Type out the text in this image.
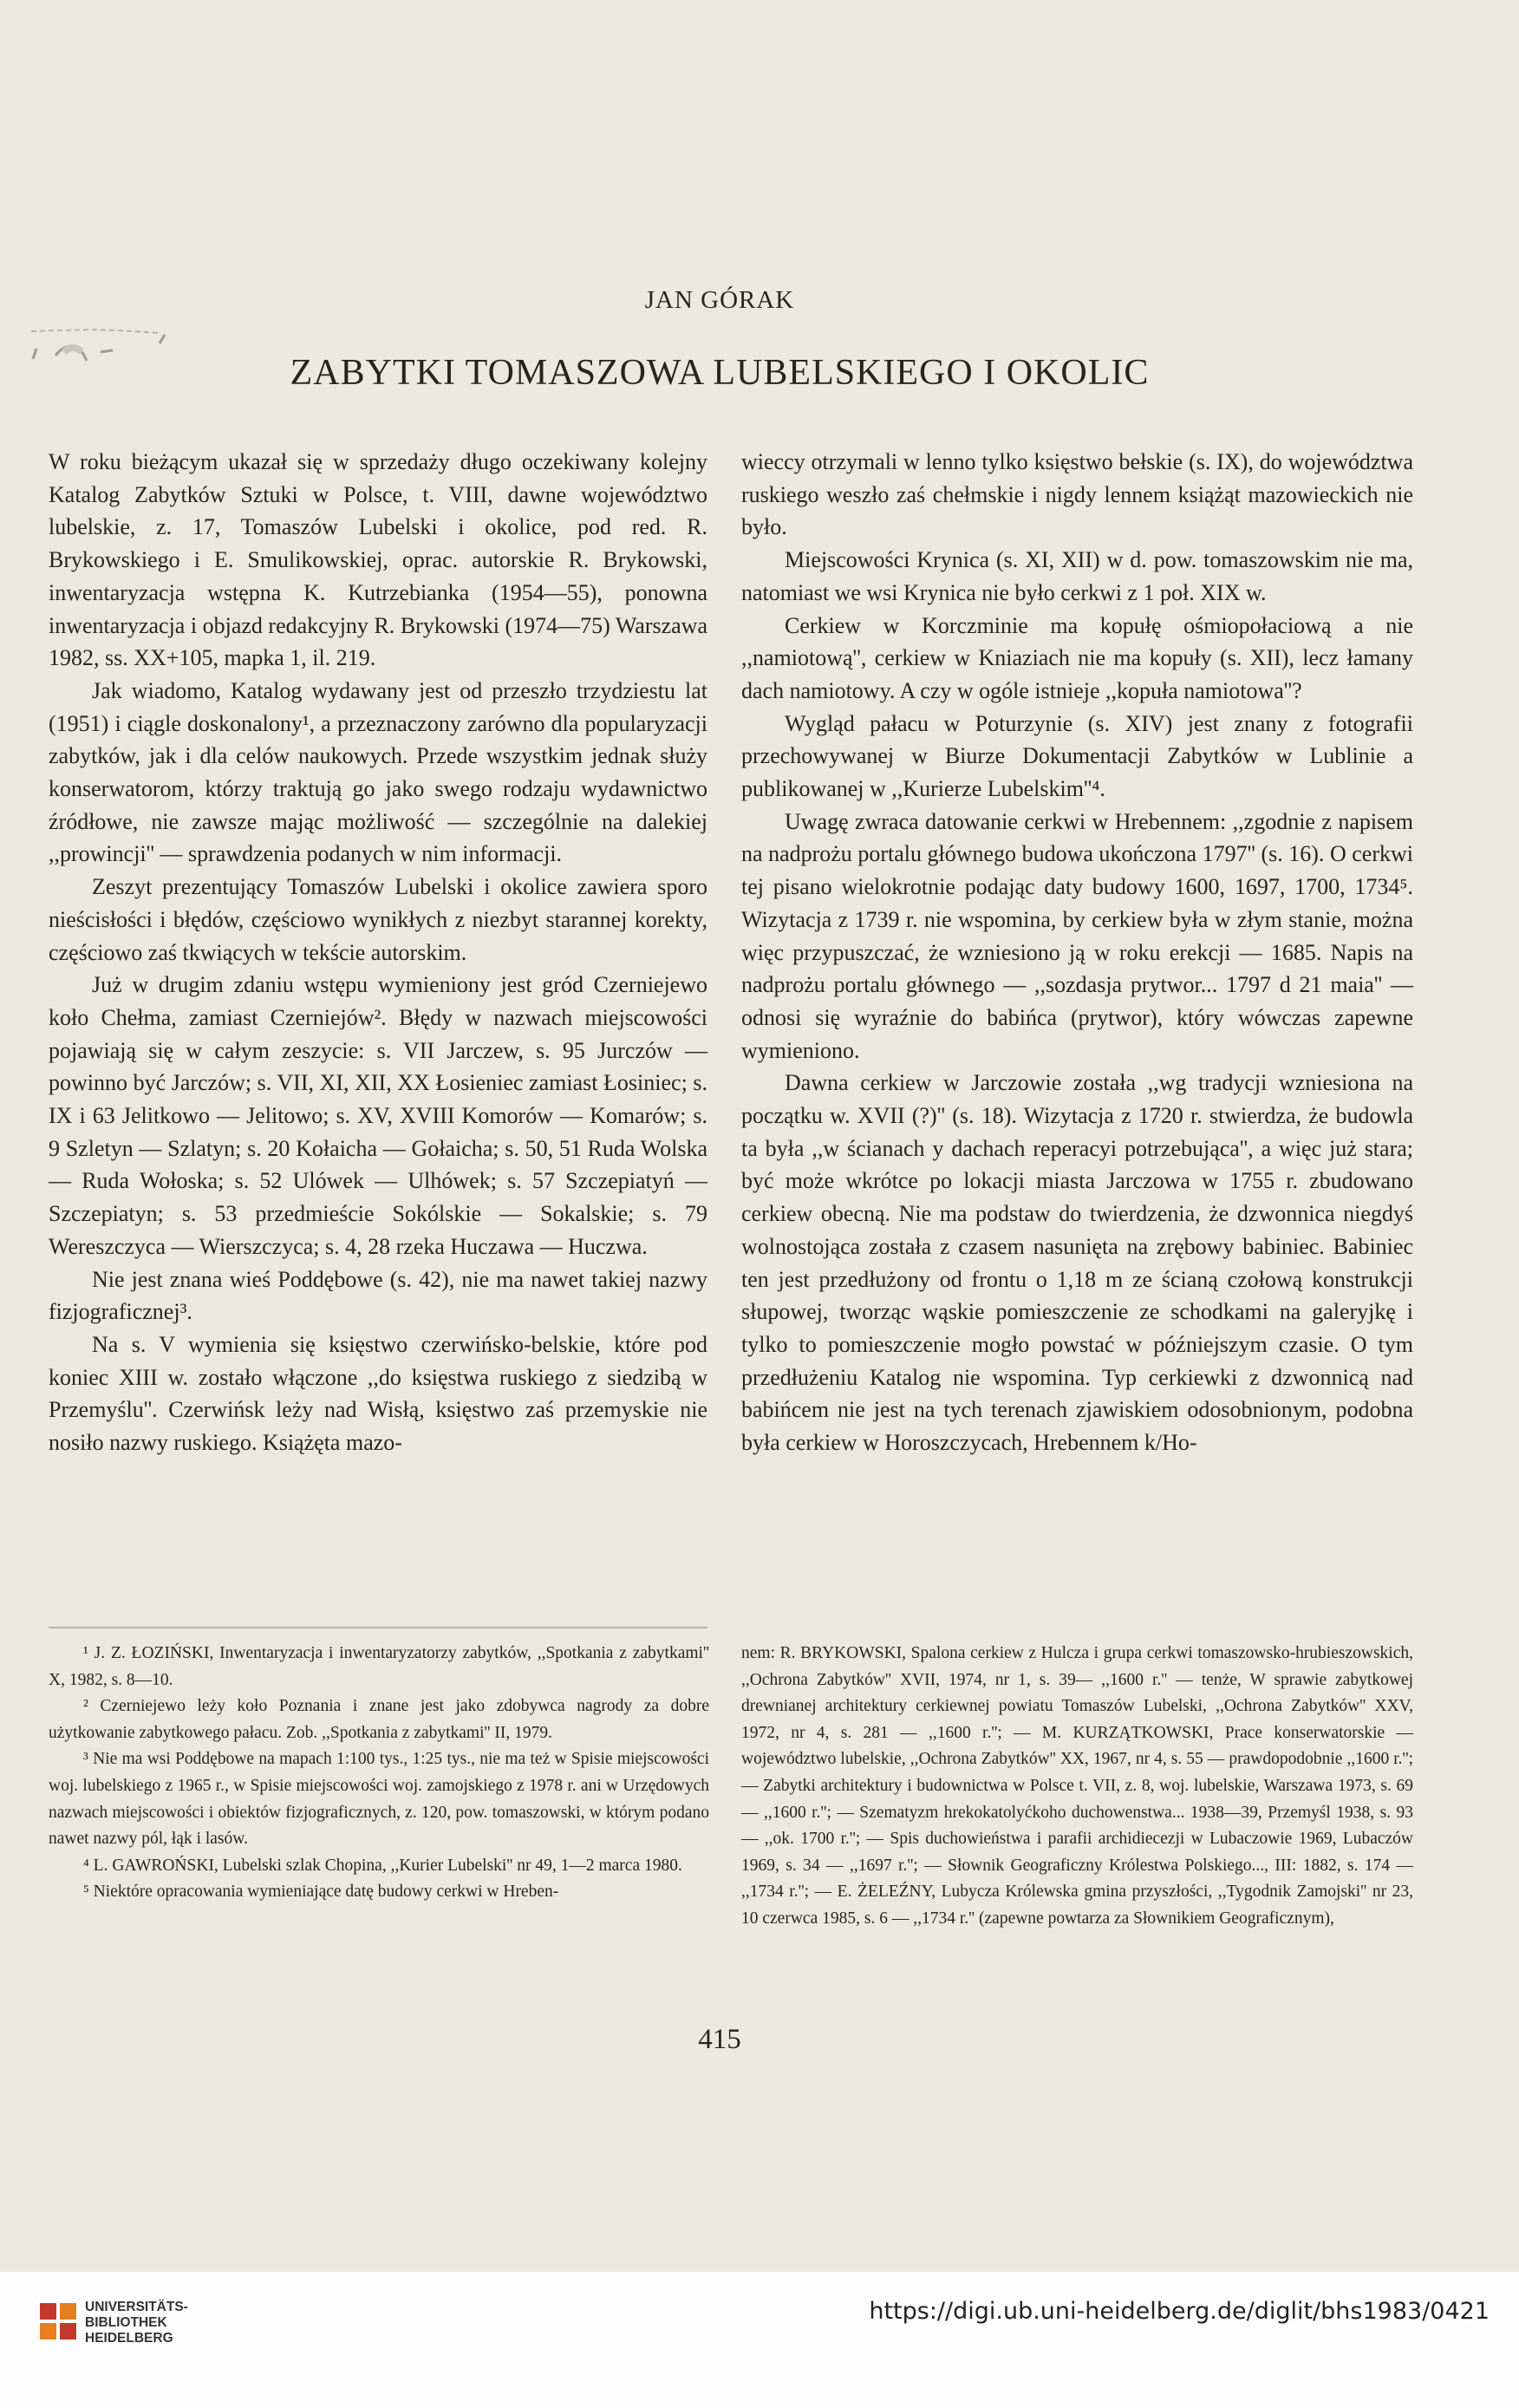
JAN GÓRAK
ZABYTKI TOMASZOWA LUBELSKIEGO I OKOLIC

W roku bieżącym ukazał się w sprzedaży długo oczekiwany kolejny Katalog Zabytków Sztuki w Polsce, t. VIII, dawne województwo lubelskie, z. 17, Tomaszów Lubelski i okolice, pod red. R. Brykowskiego i E. Smulikowskiej, oprac. autorskie R. Brykowski, inwentaryzacja wstępna K. Kutrzebianka (1954—55), ponowna inwentaryzacja i objazd redakcyjny R. Brykowski (1974—75) Warszawa 1982, ss. XX+105, mapka 1, il. 219.

Jak wiadomo, Katalog wydawany jest od przeszło trzydziestu lat (1951) i ciągle doskonalony¹, a przeznaczony zarówno dla popularyzacji zabytków, jak i dla celów naukowych. Przede wszystkim jednak służy konserwatorom, którzy traktują go jako swego rodzaju wydawnictwo źródłowe, nie zawsze mając możliwość — szczególnie na dalekiej ,,prowincji'' — sprawdzenia podanych w nim informacji.

Zeszyt prezentujący Tomaszów Lubelski i okolice zawiera sporo nieścisłości i błędów, częściowo wynikłych z niezbyt starannej korekty, częściowo zaś tkwiących w tekście autorskim.

Już w drugim zdaniu wstępu wymieniony jest gród Czerniejewo koło Chełma, zamiast Czerniejów². Błędy w nazwach miejscowości pojawiają się w całym zeszycie: s. VII Jarczew, s. 95 Jurczów — powinno być Jarczów; s. VII, XI, XII, XX Łosieniec zamiast Łosiniec; s. IX i 63 Jelitkowo — Jelitowo; s. XV, XVIII Komorów — Komarów; s. 9 Szletyn — Szlatyn; s. 20 Kołaicha — Gołaicha; s. 50, 51 Ruda Wolska — Ruda Wołoska; s. 52 Ulówek — Ulhówek; s. 57 Szczepiatyń — Szczepiatyn; s. 53 przedmieście Sokólskie — Sokalskie; s. 79 Wereszczyca — Wierszczyca; s. 4, 28 rzeka Huczawa — Huczwa.

Nie jest znana wieś Poddębowe (s. 42), nie ma nawet takiej nazwy fizjograficznej³.

Na s. V wymienia się księstwo czerwińsko-belskie, które pod koniec XIII w. zostało włączone ,,do księstwa ruskiego z siedzibą w Przemyślu''. Czerwińsk leży nad Wisłą, księstwo zaś przemyskie nie nosiło nazwy ruskiego. Książęta mazo-

wieccy otrzymali w lenno tylko księstwo bełskie (s. IX), do województwa ruskiego weszło zaś chełmskie i nigdy lennem książąt mazowieckich nie było.

Miejscowości Krynica (s. XI, XII) w d. pow. tomaszowskim nie ma, natomiast we wsi Krynica nie było cerkwi z 1 poł. XIX w.

Cerkiew w Korczminie ma kopułę ośmiopołaciową a nie ,,namiotową'', cerkiew w Kniaziach nie ma kopuły (s. XII), lecz łamany dach namiotowy. A czy w ogóle istnieje ,,kopuła namiotowa''?

Wygląd pałacu w Poturzynie (s. XIV) jest znany z fotografii przechowywanej w Biurze Dokumentacji Zabytków w Lublinie a publikowanej w ,,Kurierze Lubelskim''⁴.

Uwagę zwraca datowanie cerkwi w Hrebennem: ,,zgodnie z napisem na nadprożu portalu głównego budowa ukończona 1797'' (s. 16). O cerkwi tej pisano wielokrotnie podając daty budowy 1600, 1697, 1700, 1734⁵. Wizytacja z 1739 r. nie wspomina, by cerkiew była w złym stanie, można więc przypuszczać, że wzniesiono ją w roku erekcji — 1685. Napis na nadprożu portalu głównego — ,,sozdasja prytwor... 1797 d 21 maia'' — odnosi się wyraźnie do babińca (prytwor), który wówczas zapewne wymieniono.

Dawna cerkiew w Jarczowie została ,,wg tradycji wzniesiona na początku w. XVII (?)'' (s. 18). Wizytacja z 1720 r. stwierdza, że budowla ta była ,,w ścianach y dachach reperacyi potrzebująca'', a więc już stara; być może wkrótce po lokacji miasta Jarczowa w 1755 r. zbudowano cerkiew obecną. Nie ma podstaw do twierdzenia, że dzwonnica niegdyś wolnostojąca została z czasem nasunięta na zrębowy babiniec. Babiniec ten jest przedłużony od frontu o 1,18 m ze ścianą czołową konstrukcji słupowej, tworząc wąskie pomieszczenie ze schodkami na galeryjkę i tylko to pomieszczenie mogło powstać w późniejszym czasie. O tym przedłużeniu Katalog nie wspomina. Typ cerkiewki z dzwonnicą nad babińcem nie jest na tych terenach zjawiskiem odosobnionym, podobna była cerkiew w Horoszczycach, Hrebennem k/Ho-

¹ J. Z. ŁOZIŃSKI, Inwentaryzacja i inwentaryzatorzy zabytków, ,,Spotkania z zabytkami'' X, 1982, s. 8—10.

² Czerniejewo leży koło Poznania i znane jest jako zdobywca nagrody za dobre użytkowanie zabytkowego pałacu. Zob. ,,Spotkania z zabytkami'' II, 1979.

³ Nie ma wsi Poddębowe na mapach 1:100 tys., 1:25 tys., nie ma też w Spisie miejscowości woj. lubelskiego z 1965 r., w Spisie miejscowości woj. zamojskiego z 1978 r. ani w Urzędowych nazwach miejscowości i obiektów fizjograficznych, z. 120, pow. tomaszowski, w którym podano nawet nazwy pól, łąk i lasów.

⁴ L. GAWROŃSKI, Lubelski szlak Chopina, ,,Kurier Lubelski'' nr 49, 1—2 marca 1980.

⁵ Niektóre opracowania wymieniające datę budowy cerkwi w Hreben-

nem: R. BRYKOWSKI, Spalona cerkiew z Hulcza i grupa cerkwi tomaszowsko-hrubieszowskich, ,,Ochrona Zabytków'' XVII, 1974, nr 1, s. 39— ,,1600 r.'' — tenże, W sprawie zabytkowej drewnianej architektury cerkiewnej powiatu Tomaszów Lubelski, ,,Ochrona Zabytków'' XXV, 1972, nr 4, s. 281 — ,,1600 r.''; — M. KURZĄTKOWSKI, Prace konserwatorskie — województwo lubelskie, ,,Ochrona Zabytków'' XX, 1967, nr 4, s. 55 — prawdopodobnie ,,1600 r.''; — Zabytki architektury i budownictwa w Polsce t. VII, z. 8, woj. lubelskie, Warszawa 1973, s. 69 — ,,1600 r.''; — Szematyzm hrekokatolyćkoho duchowenstwa... 1938—39, Przemyśl 1938, s. 93 — ,,ok. 1700 r.''; — Spis duchowieństwa i parafii archidiecezji w Lubaczowie 1969, Lubaczów 1969, s. 34 — ,,1697 r.''; — Słownik Geograficzny Królestwa Polskiego..., III: 1882, s. 174 — ,,1734 r.''; — E. ŻELEŹNY, Lubycza Królewska gmina przyszłości, ,,Tygodnik Zamojski'' nr 23, 10 czerwca 1985, s. 6 — ,,1734 r.'' (zapewne powtarza za Słownikiem Geograficznym),

415
UNIVERSITÄTS-
BIBLIOTHEK
HEIDELBERG
https://digi.ub.uni-heidelberg.de/diglit/bhs1983/0421
